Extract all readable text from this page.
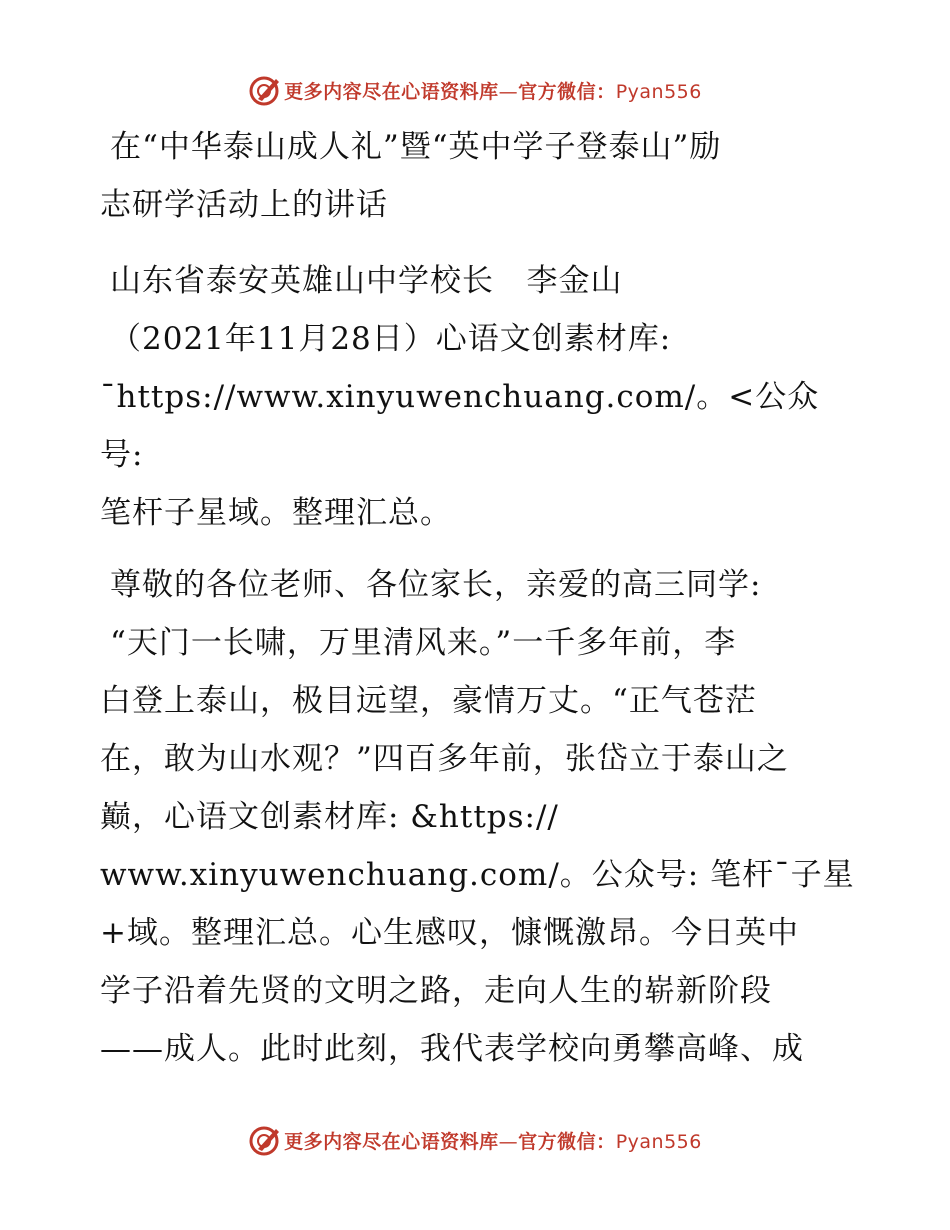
更多内容尽在心语资料库—官方微信：Pyan556

在“中华泰山成人礼”暨“英中学子登泰山”励

志研学活动上的讲话

山东省泰安英雄山中学校长   李金山

（2021年11月28日）心语文创素材库:

¯https://www.xinyuwenchuang.com/。<公众号:

笔杆子星域。整理汇总。

尊敬的各位老师、各位家长，亲爱的高三同学:

“天门一长啸，万里清风来。”一千多年前，李

白登上泰山，极目远望，豪情万丈。“正气苍茫

在，敢为山水观？”四百多年前，张岱立于泰山之

巅，心语文创素材库: &https://

www.xinyuwenchuang.com/。公众号: 笔杆¯子星

+域。整理汇总。心生感叹，慷慨激昂。今日英中

学子沿着先贤的文明之路，走向人生的崭新阶段

——成人。此时此刻，我代表学校向勇攀高峰、成

更多内容尽在心语资料库—官方微信：Pyan556
